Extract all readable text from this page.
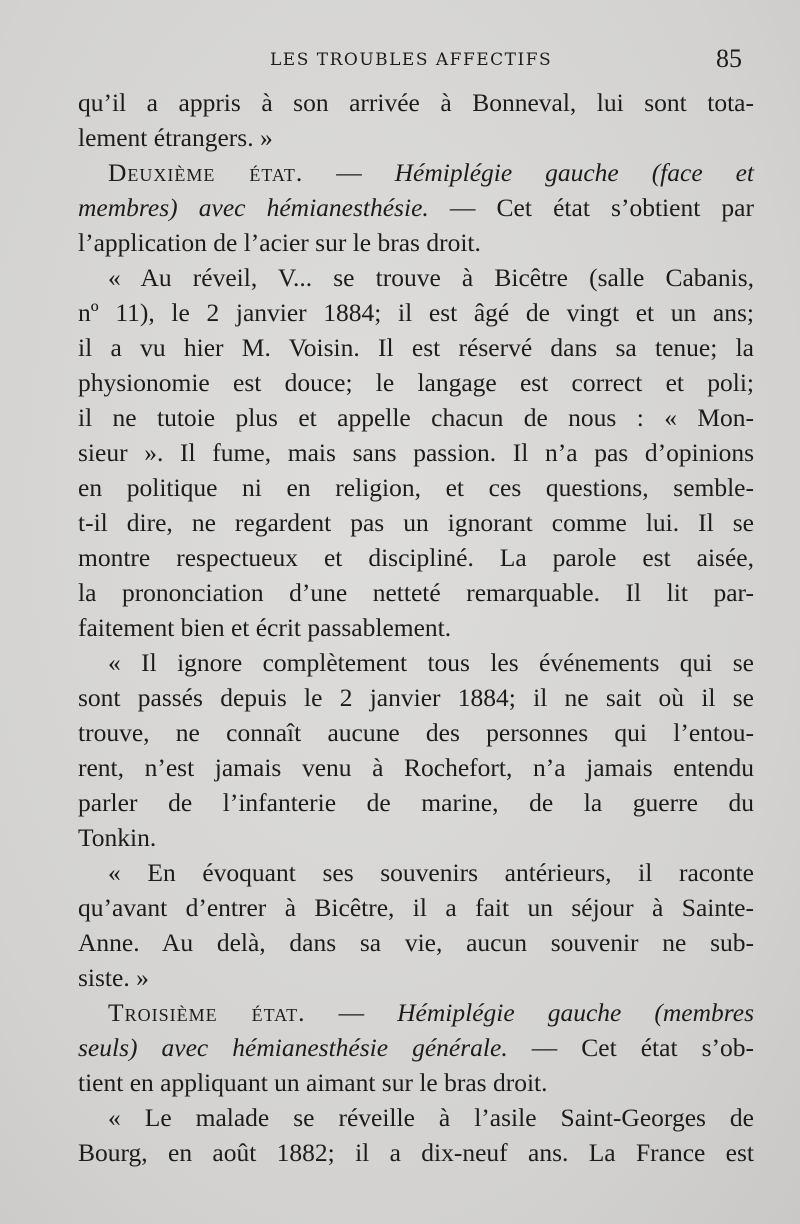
LES TROUBLES AFFECTIFS	85
qu’il a appris à son arrivée à Bonneval, lui sont tota-
lement étrangers. »
Deuxième état. — Hémiplégie gauche (face et
membres) avec hémianesthésie. — Cet état s’obtient par
l’application de l’acier sur le bras droit.
« Au réveil, V... se trouve à Bicêtre (salle Cabanis,
nº 11), le 2 janvier 1884; il est âgé de vingt et un ans;
il a vu hier M. Voisin. Il est réservé dans sa tenue; la
physionomie est douce; le langage est correct et poli;
il ne tutoie plus et appelle chacun de nous : « Mon-
sieur ». Il fume, mais sans passion. Il n’a pas d’opinions
en politique ni en religion, et ces questions, semble-
t-il dire, ne regardent pas un ignorant comme lui. Il se
montre respectueux et discipliné. La parole est aisée,
la prononciation d’une netteté remarquable. Il lit par-
faitement bien et écrit passablement.
« Il ignore complètement tous les événements qui se
sont passés depuis le 2 janvier 1884; il ne sait où il se
trouve, ne connaît aucune des personnes qui l’entou-
rent, n’est jamais venu à Rochefort, n’a jamais entendu
parler de l’infanterie de marine, de la guerre du
Tonkin.
« En évoquant ses souvenirs antérieurs, il raconte
qu’avant d’entrer à Bicêtre, il a fait un séjour à Sainte-
Anne. Au delà, dans sa vie, aucun souvenir ne sub-
siste. »
Troisième état. — Hémiplégie gauche (membres
seuls) avec hémianesthésie générale. — Cet état s’ob-
tient en appliquant un aimant sur le bras droit.
« Le malade se réveille à l’asile Saint-Georges de
Bourg, en août 1882; il a dix-neuf ans. La France est
